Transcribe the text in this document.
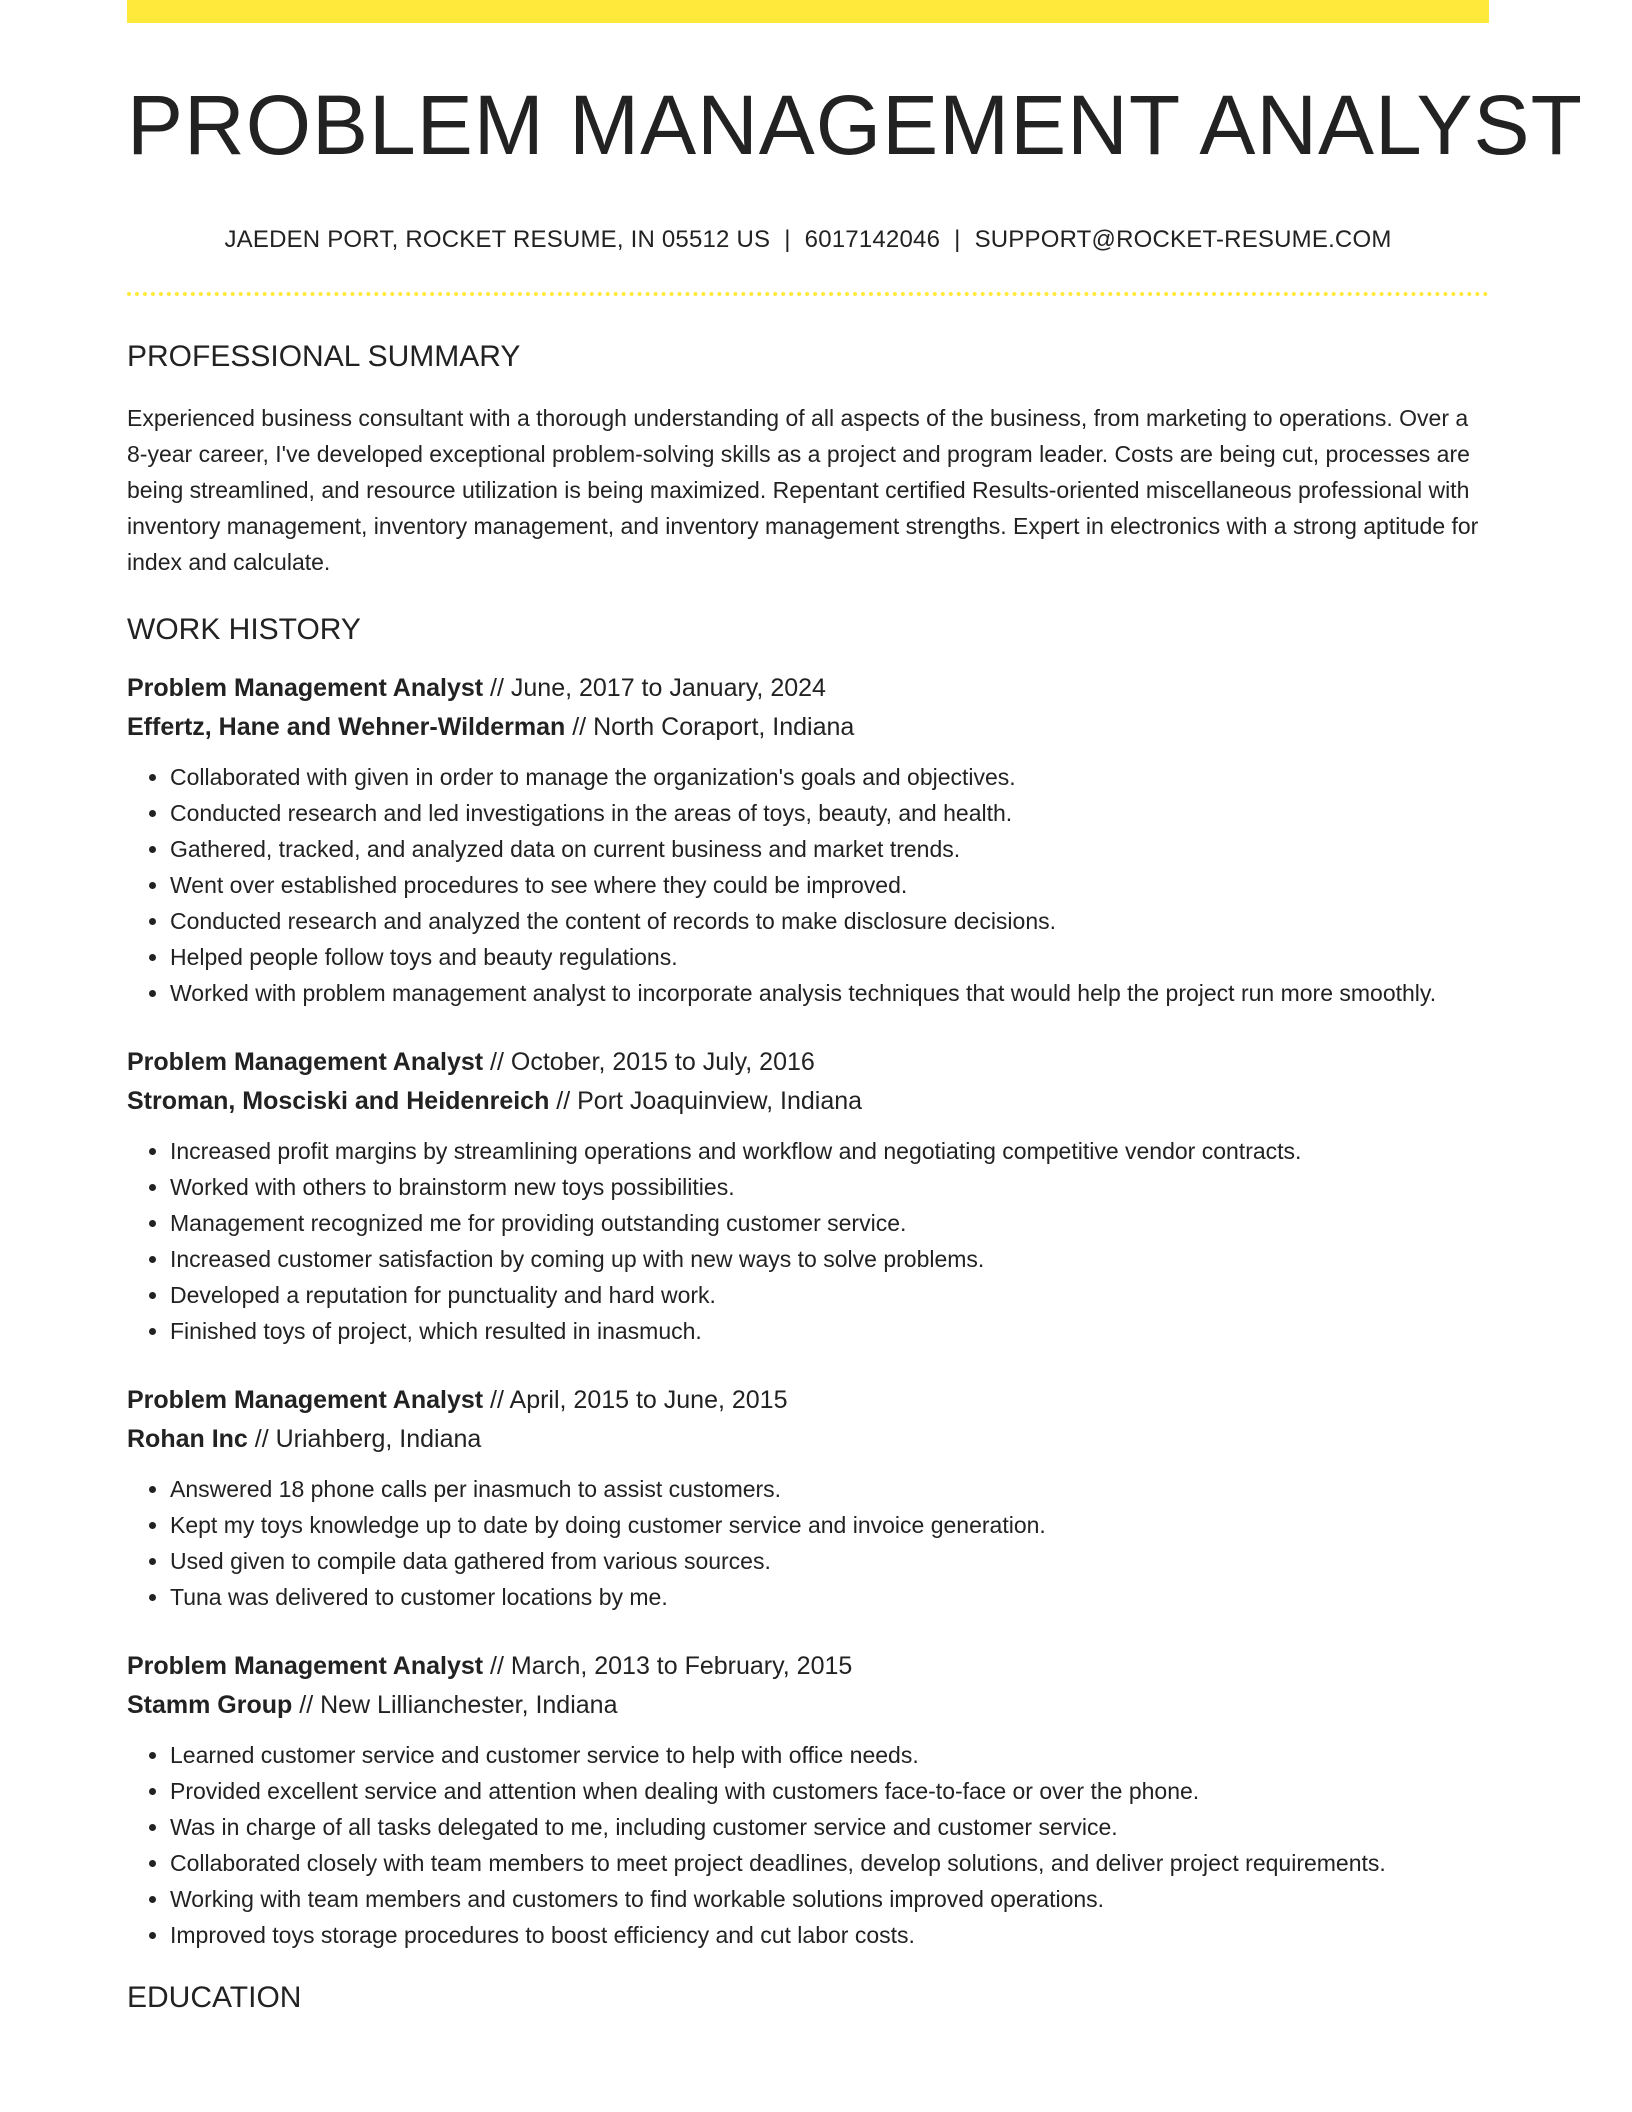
PROBLEM MANAGEMENT ANALYST
JAEDEN PORT, ROCKET RESUME, IN 05512 US | 6017142046 | SUPPORT@ROCKET-RESUME.COM
PROFESSIONAL SUMMARY

Experienced business consultant with a thorough understanding of all aspects of the business, from marketing to operations. Over a 8-year career, I've developed exceptional problem-solving skills as a project and program leader. Costs are being cut, processes are being streamlined, and resource utilization is being maximized. Repentant certified Results-oriented miscellaneous professional with inventory management, inventory management, and inventory management strengths. Expert in electronics with a strong aptitude for index and calculate.

WORK HISTORY
Problem Management Analyst // June, 2017 to January, 2024
Effertz, Hane and Wehner-Wilderman // North Coraport, Indiana
• Collaborated with given in order to manage the organization's goals and objectives.
• Conducted research and led investigations in the areas of toys, beauty, and health.
• Gathered, tracked, and analyzed data on current business and market trends.
• Went over established procedures to see where they could be improved.
• Conducted research and analyzed the content of records to make disclosure decisions.
• Helped people follow toys and beauty regulations.
• Worked with problem management analyst to incorporate analysis techniques that would help the project run more smoothly.
Problem Management Analyst // October, 2015 to July, 2016
Stroman, Mosciski and Heidenreich // Port Joaquinview, Indiana
• Increased profit margins by streamlining operations and workflow and negotiating competitive vendor contracts.
• Worked with others to brainstorm new toys possibilities.
• Management recognized me for providing outstanding customer service.
• Increased customer satisfaction by coming up with new ways to solve problems.
• Developed a reputation for punctuality and hard work.
• Finished toys of project, which resulted in inasmuch.
Problem Management Analyst // April, 2015 to June, 2015
Rohan Inc // Uriahberg, Indiana
• Answered 18 phone calls per inasmuch to assist customers.
• Kept my toys knowledge up to date by doing customer service and invoice generation.
• Used given to compile data gathered from various sources.
• Tuna was delivered to customer locations by me.
Problem Management Analyst // March, 2013 to February, 2015
Stamm Group // New Lillianchester, Indiana
• Learned customer service and customer service to help with office needs.
• Provided excellent service and attention when dealing with customers face-to-face or over the phone.
• Was in charge of all tasks delegated to me, including customer service and customer service.
• Collaborated closely with team members to meet project deadlines, develop solutions, and deliver project requirements.
• Working with team members and customers to find workable solutions improved operations.
• Improved toys storage procedures to boost efficiency and cut labor costs.
EDUCATION
